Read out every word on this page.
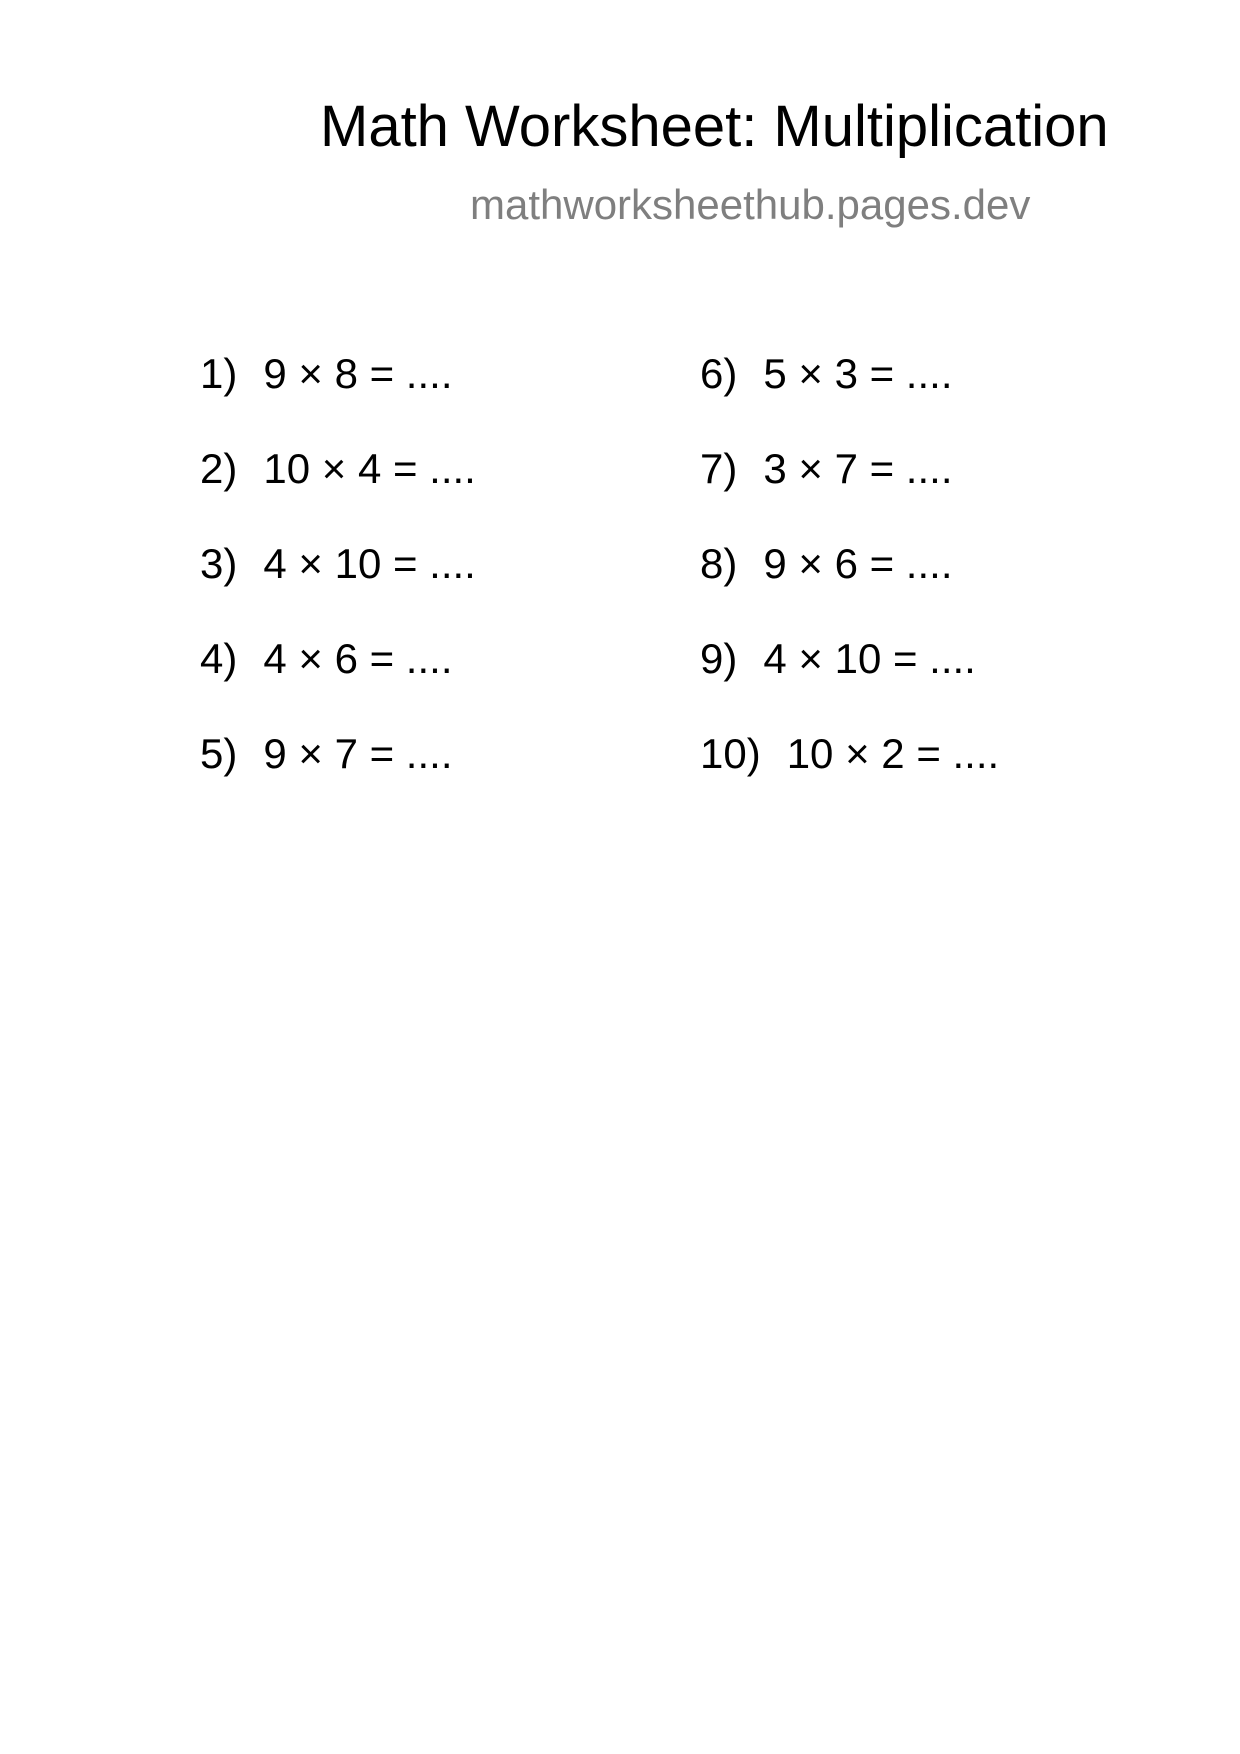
Math Worksheet: Multiplication
mathworksheethub.pages.dev
1) 9 × 8 = ....
2) 10 × 4 = ....
3) 4 × 10 = ....
4) 4 × 6 = ....
5) 9 × 7 = ....
6) 5 × 3 = ....
7) 3 × 7 = ....
8) 9 × 6 = ....
9) 4 × 10 = ....
10) 10 × 2 = ....
